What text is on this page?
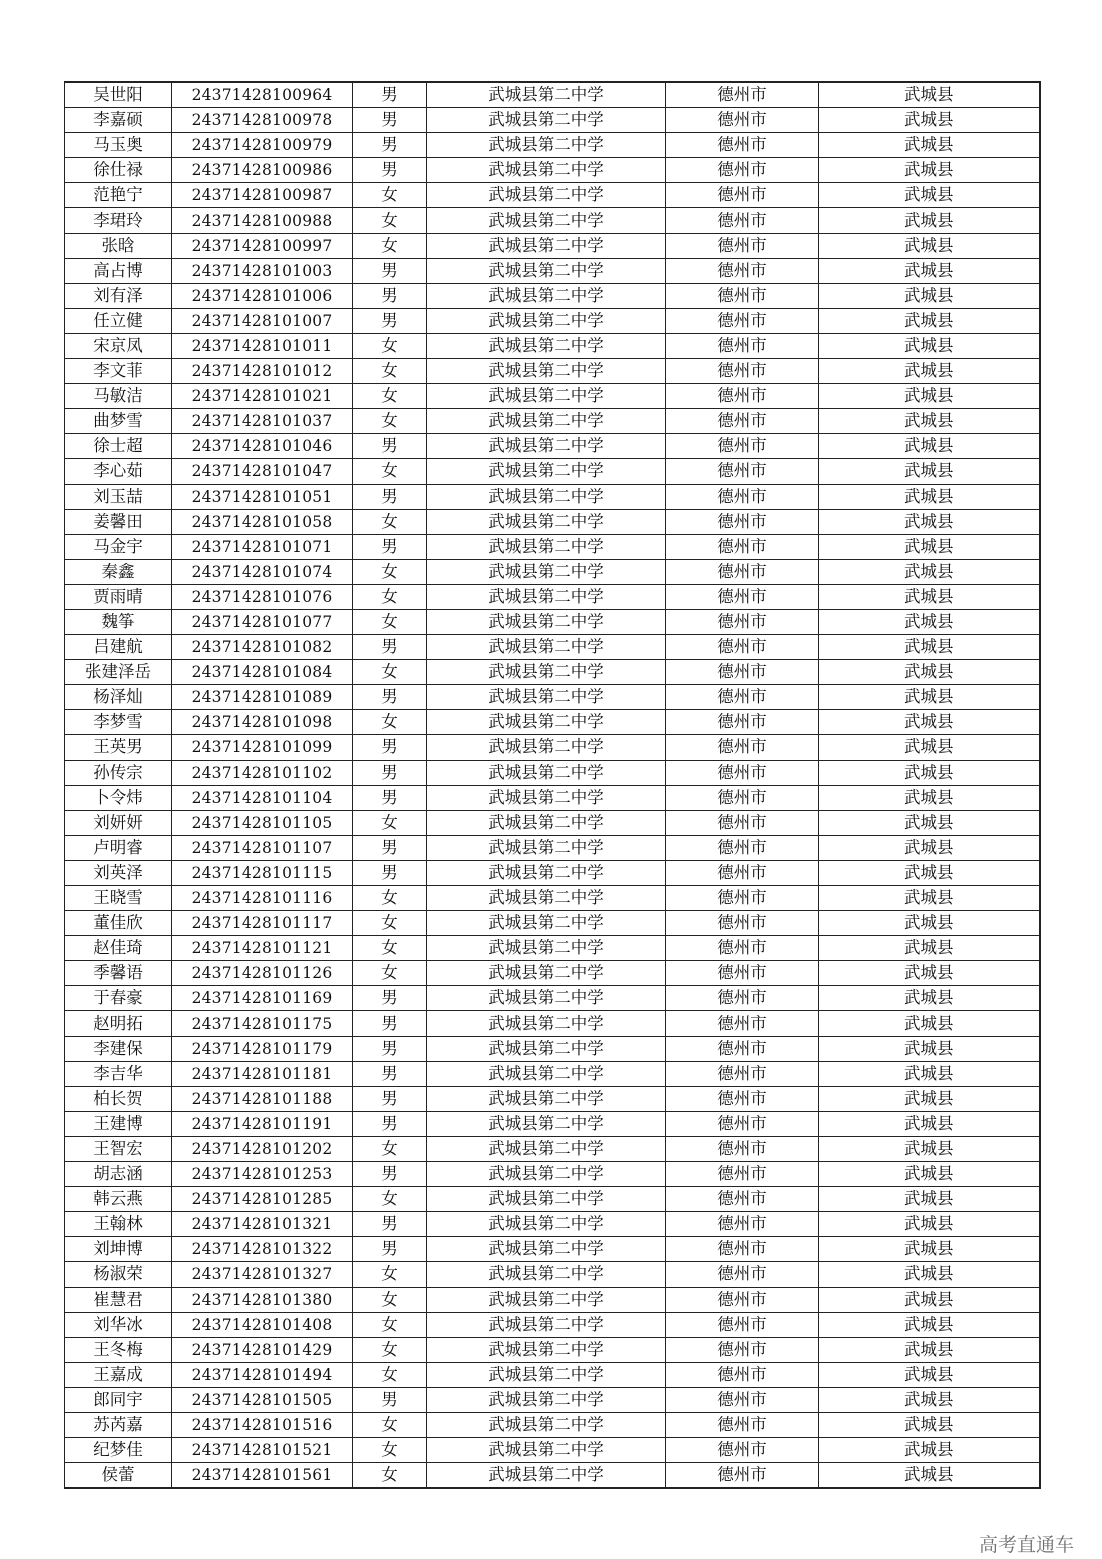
吴世阳	24371428100964	男	武城县第二中学	德州市	武城县
李嘉硕	24371428100978	男	武城县第二中学	德州市	武城县
马玉奥	24371428100979	男	武城县第二中学	德州市	武城县
徐仕禄	24371428100986	男	武城县第二中学	德州市	武城县
范艳宁	24371428100987	女	武城县第二中学	德州市	武城县
李珺玲	24371428100988	女	武城县第二中学	德州市	武城县
张晗	24371428100997	女	武城县第二中学	德州市	武城县
高占博	24371428101003	男	武城县第二中学	德州市	武城县
刘有泽	24371428101006	男	武城县第二中学	德州市	武城县
任立健	24371428101007	男	武城县第二中学	德州市	武城县
宋京凤	24371428101011	女	武城县第二中学	德州市	武城县
李文菲	24371428101012	女	武城县第二中学	德州市	武城县
马敏洁	24371428101021	女	武城县第二中学	德州市	武城县
曲梦雪	24371428101037	女	武城县第二中学	德州市	武城县
徐士超	24371428101046	男	武城县第二中学	德州市	武城县
李心茹	24371428101047	女	武城县第二中学	德州市	武城县
刘玉喆	24371428101051	男	武城县第二中学	德州市	武城县
姜馨田	24371428101058	女	武城县第二中学	德州市	武城县
马金宇	24371428101071	男	武城县第二中学	德州市	武城县
秦鑫	24371428101074	女	武城县第二中学	德州市	武城县
贾雨晴	24371428101076	女	武城县第二中学	德州市	武城县
魏筝	24371428101077	女	武城县第二中学	德州市	武城县
吕建航	24371428101082	男	武城县第二中学	德州市	武城县
张建泽岳	24371428101084	女	武城县第二中学	德州市	武城县
杨泽灿	24371428101089	男	武城县第二中学	德州市	武城县
李梦雪	24371428101098	女	武城县第二中学	德州市	武城县
王英男	24371428101099	男	武城县第二中学	德州市	武城县
孙传宗	24371428101102	男	武城县第二中学	德州市	武城县
卜令炜	24371428101104	男	武城县第二中学	德州市	武城县
刘妍妍	24371428101105	女	武城县第二中学	德州市	武城县
卢明睿	24371428101107	男	武城县第二中学	德州市	武城县
刘英泽	24371428101115	男	武城县第二中学	德州市	武城县
王晓雪	24371428101116	女	武城县第二中学	德州市	武城县
董佳欣	24371428101117	女	武城县第二中学	德州市	武城县
赵佳琦	24371428101121	女	武城县第二中学	德州市	武城县
季馨语	24371428101126	女	武城县第二中学	德州市	武城县
于春豪	24371428101169	男	武城县第二中学	德州市	武城县
赵明拓	24371428101175	男	武城县第二中学	德州市	武城县
李建保	24371428101179	男	武城县第二中学	德州市	武城县
李吉华	24371428101181	男	武城县第二中学	德州市	武城县
柏长贺	24371428101188	男	武城县第二中学	德州市	武城县
王建博	24371428101191	男	武城县第二中学	德州市	武城县
王智宏	24371428101202	女	武城县第二中学	德州市	武城县
胡志涵	24371428101253	男	武城县第二中学	德州市	武城县
韩云燕	24371428101285	女	武城县第二中学	德州市	武城县
王翰林	24371428101321	男	武城县第二中学	德州市	武城县
刘坤博	24371428101322	男	武城县第二中学	德州市	武城县
杨淑荣	24371428101327	女	武城县第二中学	德州市	武城县
崔慧君	24371428101380	女	武城县第二中学	德州市	武城县
刘华冰	24371428101408	女	武城县第二中学	德州市	武城县
王冬梅	24371428101429	女	武城县第二中学	德州市	武城县
王嘉成	24371428101494	女	武城县第二中学	德州市	武城县
郎同宇	24371428101505	男	武城县第二中学	德州市	武城县
苏芮嘉	24371428101516	女	武城县第二中学	德州市	武城县
纪梦佳	24371428101521	女	武城县第二中学	德州市	武城县
侯蕾	24371428101561	女	武城县第二中学	德州市	武城县
高考直通车
